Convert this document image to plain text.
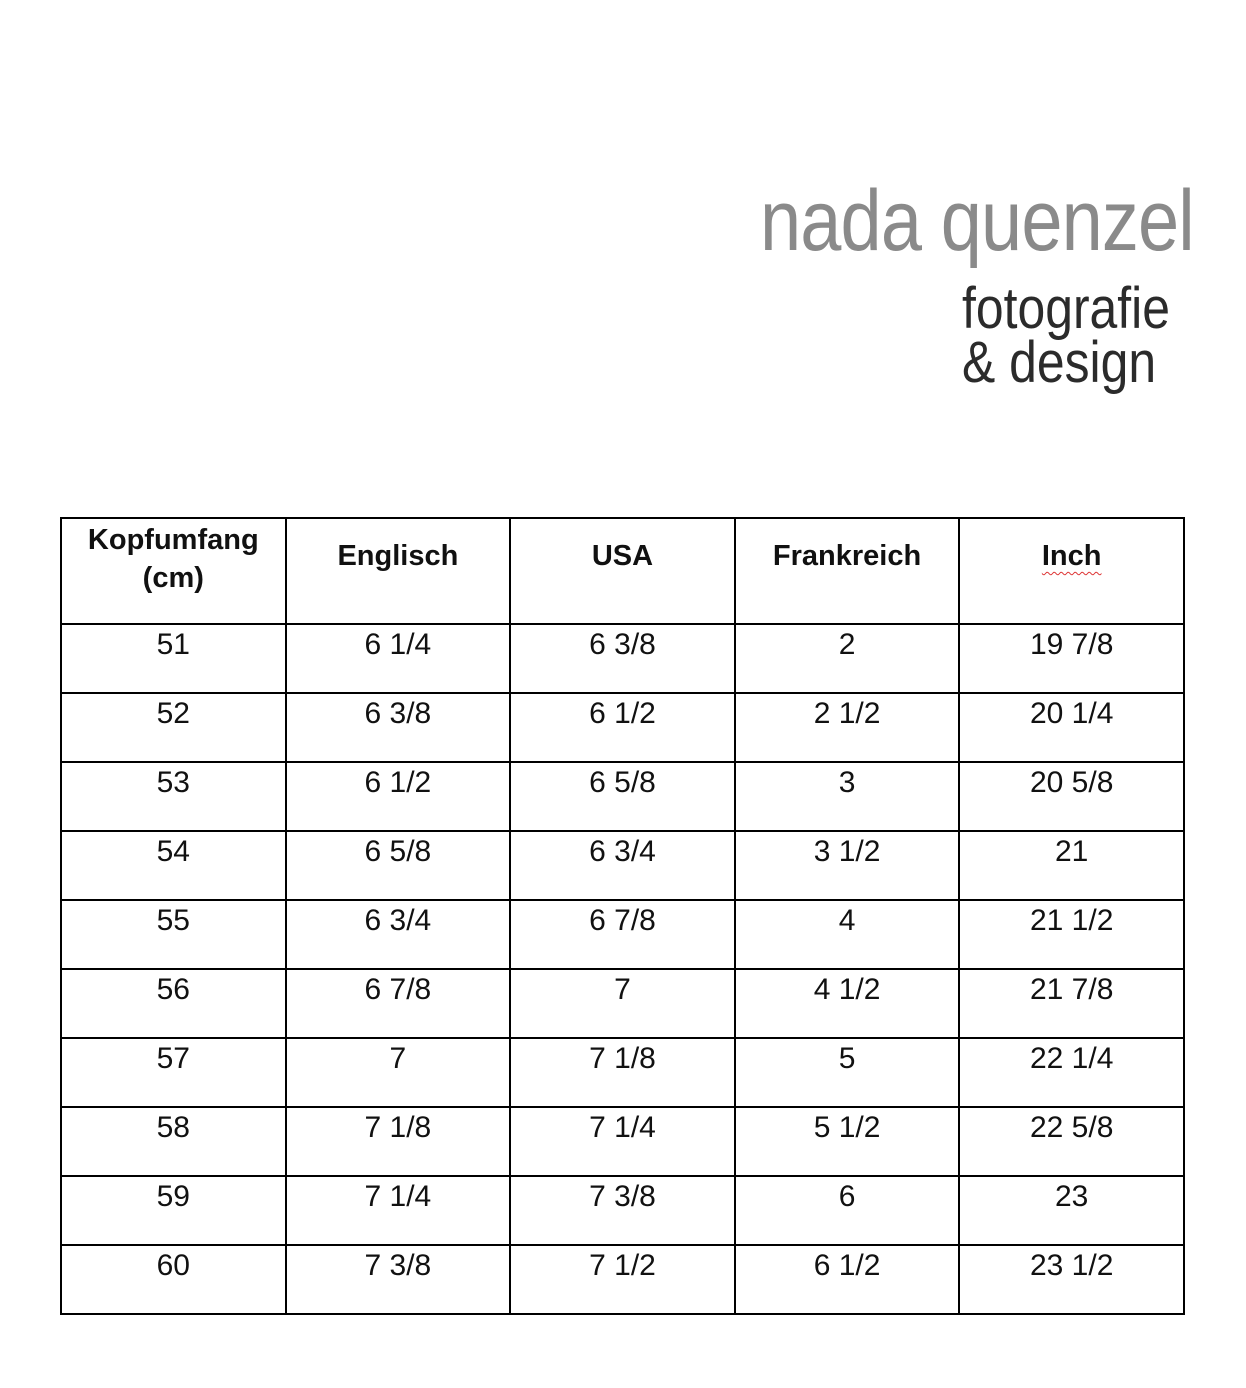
nada quenzel
fotografie
& design
Kopfumfang (cm)	Englisch	USA	Frankreich	Inch
51	6 1/4	6 3/8	2	19 7/8
52	6 3/8	6 1/2	2 1/2	20 1/4
53	6 1/2	6 5/8	3	20 5/8
54	6 5/8	6 3/4	3 1/2	21
55	6 3/4	6 7/8	4	21 1/2
56	6 7/8	7	4 1/2	21 7/8
57	7	7 1/8	5	22 1/4
58	7 1/8	7 1/4	5 1/2	22 5/8
59	7 1/4	7 3/8	6	23
60	7 3/8	7 1/2	6 1/2	23 1/2
